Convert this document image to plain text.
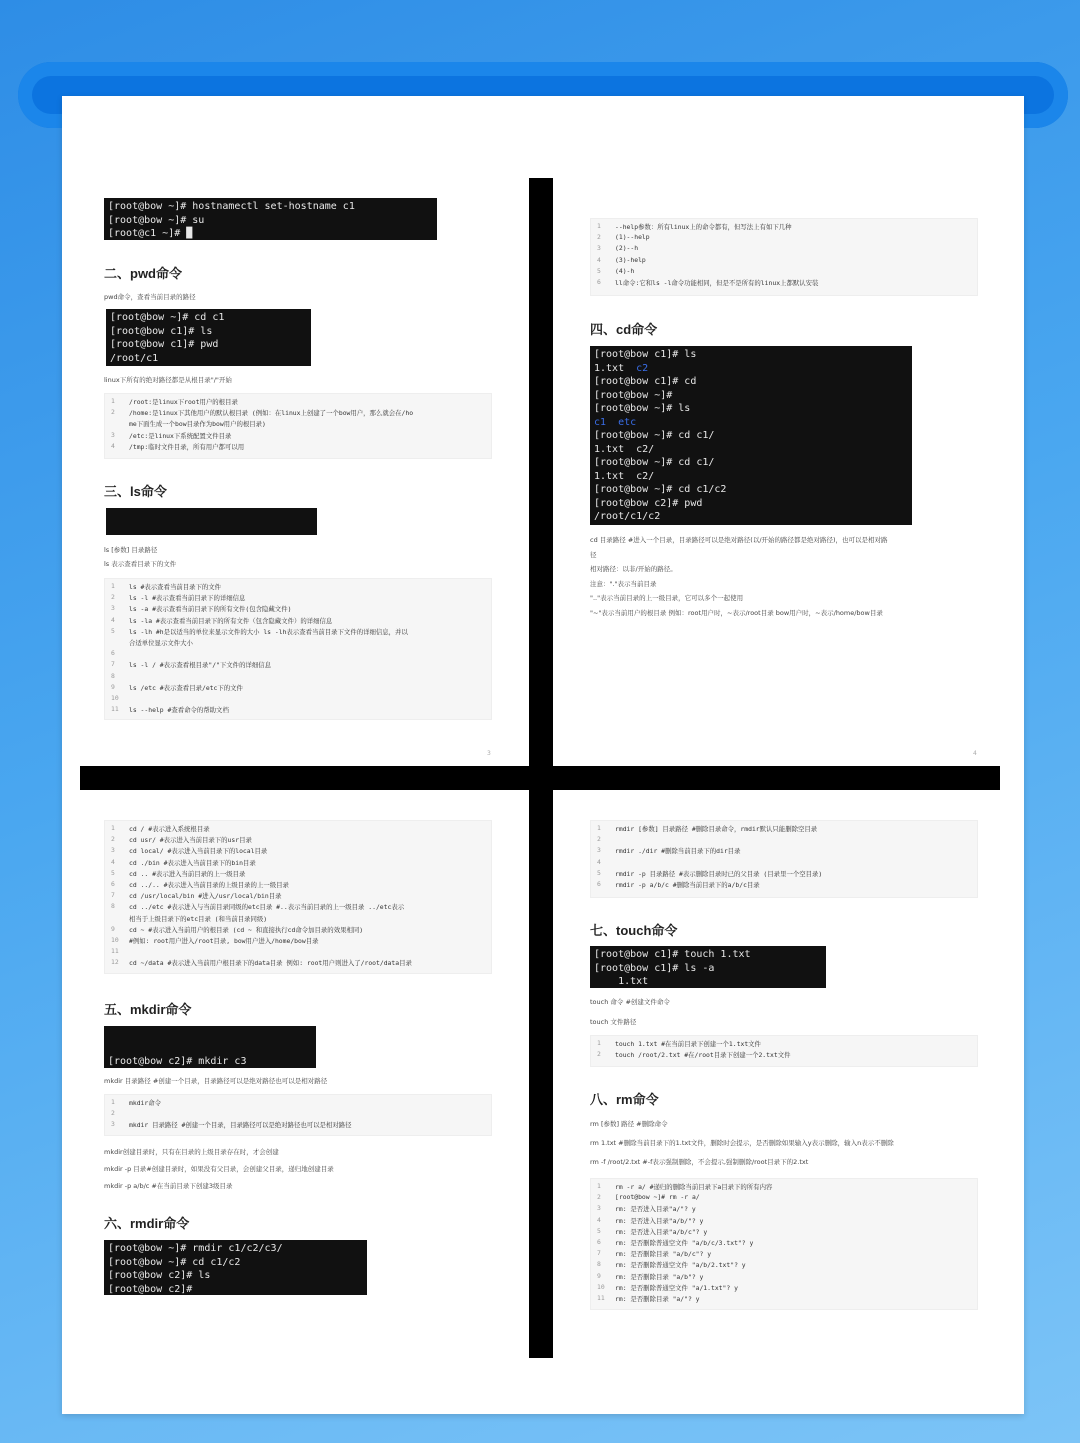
[root@bow ~]# hostnamectl set-hostname c1
[root@bow ~]# su
[root@c1 ~]# █
二、pwd命令
pwd命令，查看当前目录的路径
[root@bow ~]# cd c1
[root@bow c1]# ls
[root@bow c1]# pwd
/root/c1
linux下所有的绝对路径都是从根目录"/"开始
1	/root:是linux下root用户的根目录
2	/home:是linux下其他用户的默认根目录 (例如：在linux上创建了一个bow用户，那么就会在/ho
me下面生成一个bow目录作为bow用户的根目录)
3	/etc:是linux下系统配置文件目录
4	/tmp:临时文件目录，所有用户都可以用
三、ls命令

ls [参数] 目录路径
ls 表示查看目录下的文件
1	ls #表示查看当前目录下的文件
2	ls -l #表示查看当前目录下的详细信息
3	ls -a #表示查看当前目录下的所有文件(包含隐藏文件)
4	ls -la #表示查看当前目录下的所有文件（包含隐藏文件）的详细信息
5	ls -lh #h是以适当的单位来显示文件的大小 ls -lh表示查看当前目录下文件的详细信息，并以
合适单位显示文件大小
6
7	ls -l / #表示查看根目录"/"下文件的详细信息
8
9	ls /etc #表示查看目录/etc下的文件
10
11	ls --help #查看命令的帮助文档
3
1	--help参数：所有linux上的命令都有，但写法上有如下几种
2	(1)--help
3	(2)--h
4	(3)-help
5	(4)-h
6	ll命令:它和ls -l命令功能相同，但是不是所有的linux上都默认安装
四、cd命令
[root@bow c1]# ls
1.txt  c2
[root@bow c1]# cd
[root@bow ~]#
[root@bow ~]# ls
c1  etc
[root@bow ~]# cd c1/
1.txt  c2/
[root@bow ~]# cd c1/
1.txt  c2/
[root@bow ~]# cd c1/c2
[root@bow c2]# pwd
/root/c1/c2
cd 目录路径 #进入一个目录，目录路径可以是绝对路径(以/开始的路径都是绝对路径)，也可以是相对路
径
相对路径：以非/开始的路径。
注意："."表示当前目录
".."表示当前目录的上一级目录，它可以多个一起使用
"~"表示当前用户的根目录 例如：root用户时，~表示/root目录 bow用户时，~表示/home/bow目录
4
1	cd / #表示进入系统根目录
2	cd usr/ #表示进入当前目录下的usr目录
3	cd local/ #表示进入当前目录下的local目录
4	cd ./bin #表示进入当前目录下的bin目录
5	cd .. #表示进入当前目录的上一级目录
6	cd ../.. #表示进入当前目录的上级目录的上一级目录
7	cd /usr/local/bin #进入/usr/local/bin目录
8	cd ../etc #表示进入与当前目录同级的etc目录 #..表示当前目录的上一级目录 ../etc表示
相当于上级目录下的etc目录 (和当前目录同级)
9	cd ~ #表示进入当前用户的根目录 (cd ~ 和直接执行cd命令加目录的效果相同)
10	#例如: root用户进入/root目录, bow用户进入/home/bow目录
11
12	cd ~/data #表示进入当前用户根目录下的data目录 例如: root用户则进入了/root/data目录
五、mkdir命令

[root@bow c2]# mkdir c3

mkdir 目录路径 #创建一个目录，目录路径可以是绝对路径也可以是相对路径
1	mkdir命令
2
3	mkdir 目录路径 #创建一个目录，目录路径可以是绝对路径也可以是相对路径
mkdir创建目录时，只有在目录的上级目录存在时，才会创建
mkdir -p 目录#创建目录时，如果没有父目录，会创建父目录，递归地创建目录
mkdir -p a/b/c #在当前目录下创建3级目录
六、rmdir命令
[root@bow ~]# rmdir c1/c2/c3/
[root@bow ~]# cd c1/c2
[root@bow c2]# ls
[root@bow c2]#
1	rmdir [参数] 目录路径 #删除目录命令，rmdir默认只能删除空目录
2
3	rmdir ./dir #删除当前目录下的dir目录
4
5	rmdir -p 目录路径 #表示删除目录时已的父目录 (目录里一个空目录)
6	rmdir -p a/b/c #删除当前目录下的a/b/c目录
七、touch命令
[root@bow c1]# touch 1.txt
[root@bow c1]# ls -a
1.txt
touch 命令 #创建文件命令
touch 文件路径
1	touch 1.txt #在当前目录下创建一个1.txt文件
2	touch /root/2.txt #在/root目录下创建一个2.txt文件
八、rm命令
rm [参数] 路径 #删除命令
rm 1.txt #删除当前目录下的1.txt文件，删除时会提示，是否删除如果输入y表示删除，输入n表示不删除
rm -f /root/2.txt #-f表示强制删除，不会提示,强制删除/root目录下的2.txt
1	rm -r a/ #递归的删除当前目录下a目录下的所有内容
2	[root@bow ~]# rm -r a/
3	rm: 是否进入目录"a/"? y
4	rm: 是否进入目录"a/b/"? y
5	rm: 是否进入目录"a/b/c"? y
6	rm: 是否删除普通空文件 "a/b/c/3.txt"? y
7	rm: 是否删除目录 "a/b/c"? y
8	rm: 是否删除普通空文件 "a/b/2.txt"? y
9	rm: 是否删除目录 "a/b"? y
10	rm: 是否删除普通空文件 "a/1.txt"? y
11	rm: 是否删除目录 "a/"? y
